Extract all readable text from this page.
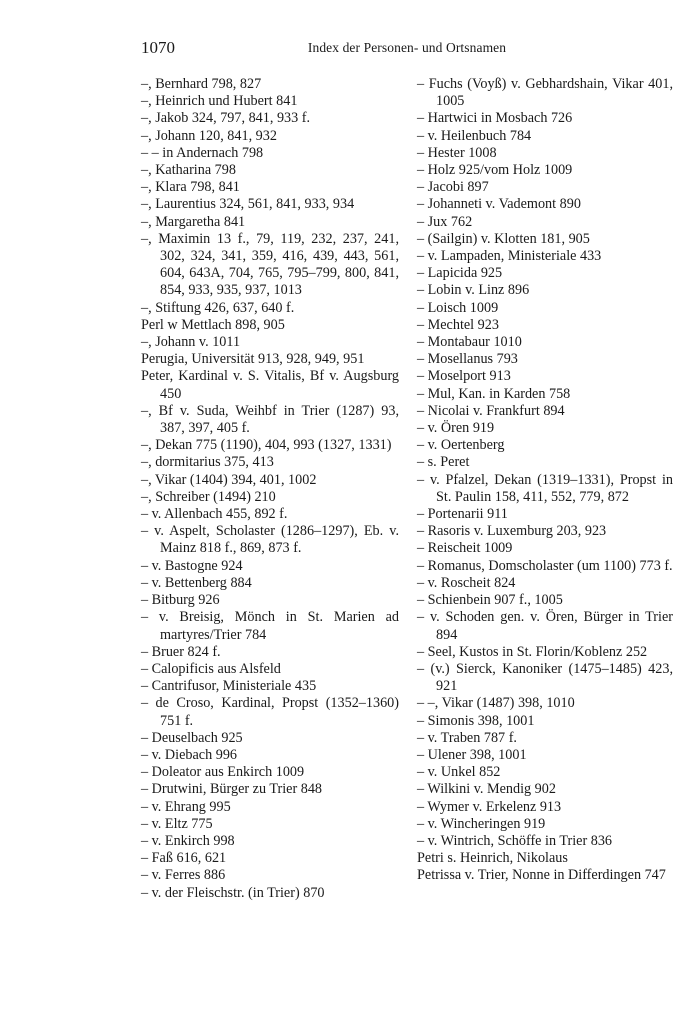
1070	Index der Personen- und Ortsnamen

–, Bernhard 798, 827

–, Heinrich und Hubert 841

–, Jakob 324, 797, 841, 933 f.

–, Johann 120, 841, 932

– – in Andernach 798

–, Katharina 798

–, Klara 798, 841

–, Laurentius 324, 561, 841, 933, 934

–, Margaretha 841

–, Maximin 13 f., 79, 119, 232, 237, 241, 302, 324, 341, 359, 416, 439, 443, 561, 604, 643A, 704, 765, 795–799, 800, 841, 854, 933, 935, 937, 1013

–, Stiftung 426, 637, 640 f.

Perl w Mettlach 898, 905

–, Johann v. 1011

Perugia, Universität 913, 928, 949, 951

Peter, Kardinal v. S. Vitalis, Bf v. Augsburg 450

–, Bf v. Suda, Weihbf in Trier (1287) 93, 387, 397, 405 f.

–, Dekan 775 (1190), 404, 993 (1327, 1331)

–, dormitarius 375, 413

–, Vikar (1404) 394, 401, 1002

–, Schreiber (1494) 210

– v. Allenbach 455, 892 f.

– v. Aspelt, Scholaster (1286–1297), Eb. v. Mainz 818 f., 869, 873 f.

– v. Bastogne 924

– v. Bettenberg 884

– Bitburg 926

– v. Breisig, Mönch in St. Marien ad martyres/Trier 784

– Bruer 824 f.

– Calopificis aus Alsfeld

– Cantrifusor, Ministeriale 435

– de Croso, Kardinal, Propst (1352–1360) 751 f.

– Deuselbach 925

– v. Diebach 996

– Doleator aus Enkirch 1009

– Drutwini, Bürger zu Trier 848

– v. Ehrang 995

– v. Eltz 775

– v. Enkirch 998

– Faß 616, 621

– v. Ferres 886

– v. der Fleischstr. (in Trier) 870

– Fuchs (Voyß) v. Gebhardshain, Vikar 401, 1005

– Hartwici in Mosbach 726

– v. Heilenbuch 784

– Hester 1008

– Holz 925/vom Holz 1009

– Jacobi 897

– Johanneti v. Vademont 890

– Jux 762

– (Sailgin) v. Klotten 181, 905

– v. Lampaden, Ministeriale 433

– Lapicida 925

– Lobin v. Linz 896

– Loisch 1009

– Mechtel 923

– Montabaur 1010

– Mosellanus 793

– Moselport 913

– Mul, Kan. in Karden 758

– Nicolai v. Frankfurt 894

– v. Ören 919

– v. Oertenberg

– s. Peret

– v. Pfalzel, Dekan (1319–1331), Propst in St. Paulin 158, 411, 552, 779, 872

– Portenarii 911

– Rasoris v. Luxemburg 203, 923

– Reischeit 1009

– Romanus, Domscholaster (um 1100) 773 f.

– v. Roscheit 824

– Schienbein 907 f., 1005

– v. Schoden gen. v. Ören, Bürger in Trier 894

– Seel, Kustos in St. Florin/Koblenz 252

– (v.) Sierck, Kanoniker (1475–1485) 423, 921

– –, Vikar (1487) 398, 1010

– Simonis 398, 1001

– v. Traben 787 f.

– Ulener 398, 1001

– v. Unkel 852

– Wilkini v. Mendig 902

– Wymer v. Erkelenz 913

– v. Wincheringen 919

– v. Wintrich, Schöffe in Trier 836

Petri s. Heinrich, Nikolaus

Petrissa v. Trier, Nonne in Differdingen 747
